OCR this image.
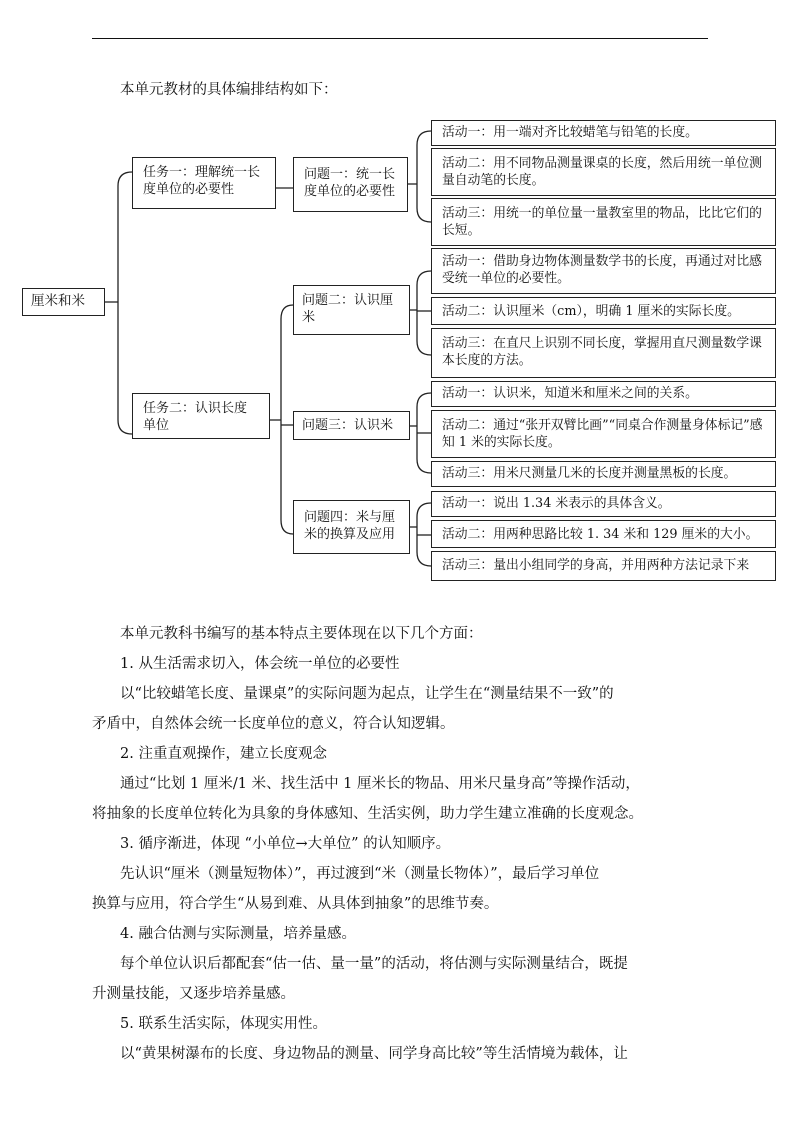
本单元教材的具体编排结构如下：
厘米和米
任务一：理解统一长度单位的必要性
任务二：认识长度单位
问题一：统一长度单位的必要性
问题二：认识厘米
问题三：认识米
问题四：米与厘米的换算及应用
活动一：用一端对齐比较蜡笔与铅笔的长度。
活动二：用不同物品测量课桌的长度，然后用统一单位测量自动笔的长度。
活动三：用统一的单位量一量教室里的物品，比比它们的长短。
活动一：借助身边物体测量数学书的长度，再通过对比感受统一单位的必要性。
活动二：认识厘米（cm），明确 1 厘米的实际长度。
活动三：在直尺上识别不同长度，掌握用直尺测量数学课本长度的方法。
活动一：认识米，知道米和厘米之间的关系。
活动二：通过“张开双臂比画”“同桌合作测量身体标记”感知 1 米的实际长度。
活动三：用米尺测量几米的长度并测量黑板的长度。
活动一：说出 1.34 米表示的具体含义。
活动二：用两种思路比较 1. 34 米和 129 厘米的大小。
活动三：量出小组同学的身高，并用两种方法记录下来
本单元教科书编写的基本特点主要体现在以下几个方面：
1. 从生活需求切入，体会统一单位的必要性
以“比较蜡笔长度、量课桌”的实际问题为起点，让学生在“测量结果不一致”的
矛盾中，自然体会统一长度单位的意义，符合认知逻辑。
2. 注重直观操作，建立长度观念
通过“比划 1 厘米/1 米、找生活中 1 厘米长的物品、用米尺量身高”等操作活动，
将抽象的长度单位转化为具象的身体感知、生活实例，助力学生建立准确的长度观念。
3. 循序渐进，体现 “小单位→大单位” 的认知顺序。
先认识“厘米（测量短物体）”，再过渡到“米（测量长物体）”，最后学习单位
换算与应用，符合学生“从易到难、从具体到抽象”的思维节奏。
4. 融合估测与实际测量，培养量感。
每个单位认识后都配套“估一估、量一量”的活动，将估测与实际测量结合，既提
升测量技能，又逐步培养量感。
5. 联系生活实际，体现实用性。
以“黄果树瀑布的长度、身边物品的测量、同学身高比较”等生活情境为载体，让
